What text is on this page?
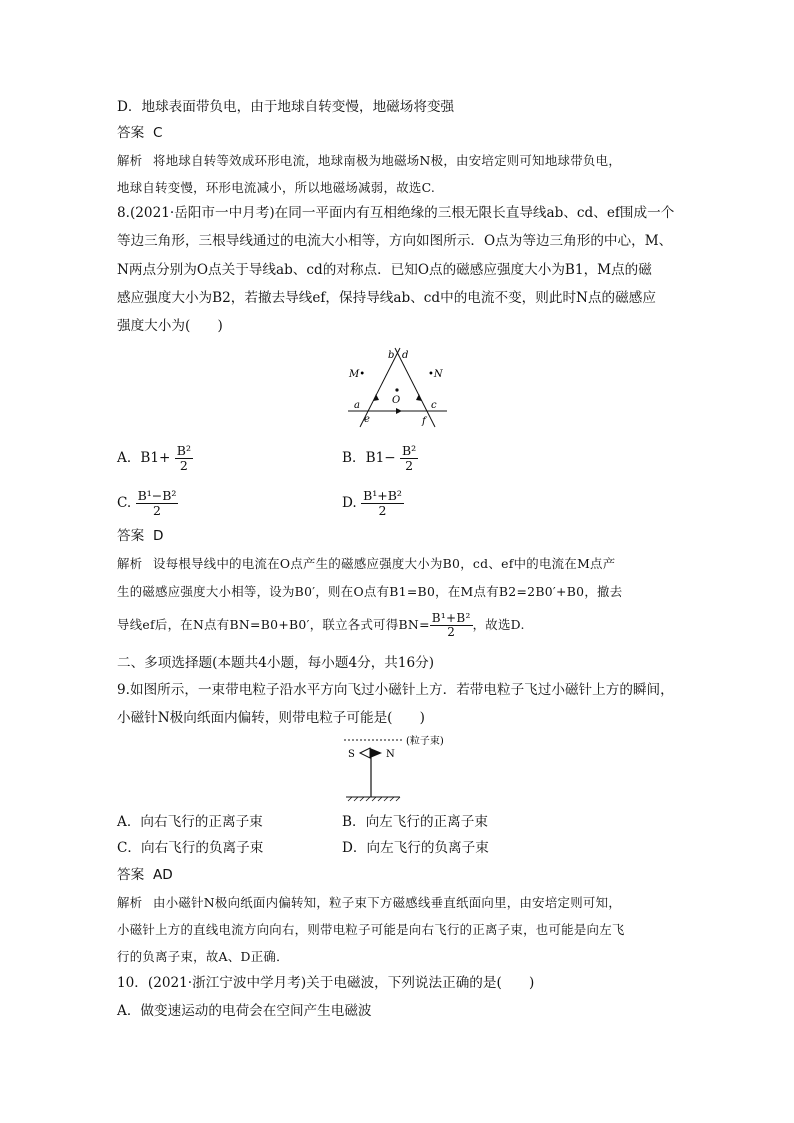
D．地球表面带负电，由于地球自转变慢，地磁场将变强
答案 C
解析 将地球自转等效成环形电流，地球南极为地磁场N极，由安培定则可知地球带负电，
地球自转变慢，环形电流减小，所以地磁场减弱，故选C.
8.(2021·岳阳市一中月考)在同一平面内有互相绝缘的三根无限长直导线ab、cd、ef围成一个
等边三角形，三根导线通过的电流大小相等，方向如图所示．O点为等边三角形的中心，M、
N两点分别为O点关于导线ab、cd的对称点．已知O点的磁感应强度大小为B1，M点的磁
感应强度大小为B2，若撤去导线ef，保持导线ab、cd中的电流不变，则此时N点的磁感应
强度大小为(　　)
b d
M•	•N
O
a
e
c
f
A．$B1+ \frac{\text{B²}}{2}$	B．$B1- \frac{\text{B²}}{2}$
C. $\frac{\text{B¹−B²}}{2}$	D. $\frac{\text{B¹+B²}}{2}$
答案 D
解析 设每根导线中的电流在O点产生的磁感应强度大小为B0，cd、ef中的电流在M点产
生的磁感应强度大小相等，设为B0′，则在O点有B1=B0，在M点有B2=2B0′+B0，撤去
导线ef后，在N点有BN=B0+B0′，联立各式可得$BN= \frac{\text{B¹+B²}}{2}$ ，故选D.
二、多项选择题(本题共4小题，每小题4分，共16分)
9.如图所示，一束带电粒子沿水平方向飞过小磁针上方．若带电粒子飞过小磁针上方的瞬间，
小磁针N极向纸面内偏转，则带电粒子可能是(　　)
(粒子束)
S	N
A．向右飞行的正离子束	B．向左飞行的正离子束
C．向右飞行的负离子束	D．向左飞行的负离子束
答案 AD
解析 由小磁针N极向纸面内偏转知，粒子束下方磁感线垂直纸面向里，由安培定则可知，
小磁针上方的直线电流方向向右，则带电粒子可能是向右飞行的正离子束，也可能是向左飞
行的负离子束，故A、D正确．
10．(2021·浙江宁波中学月考)关于电磁波，下列说法正确的是(　　)
A．做变速运动的电荷会在空间产生电磁波
